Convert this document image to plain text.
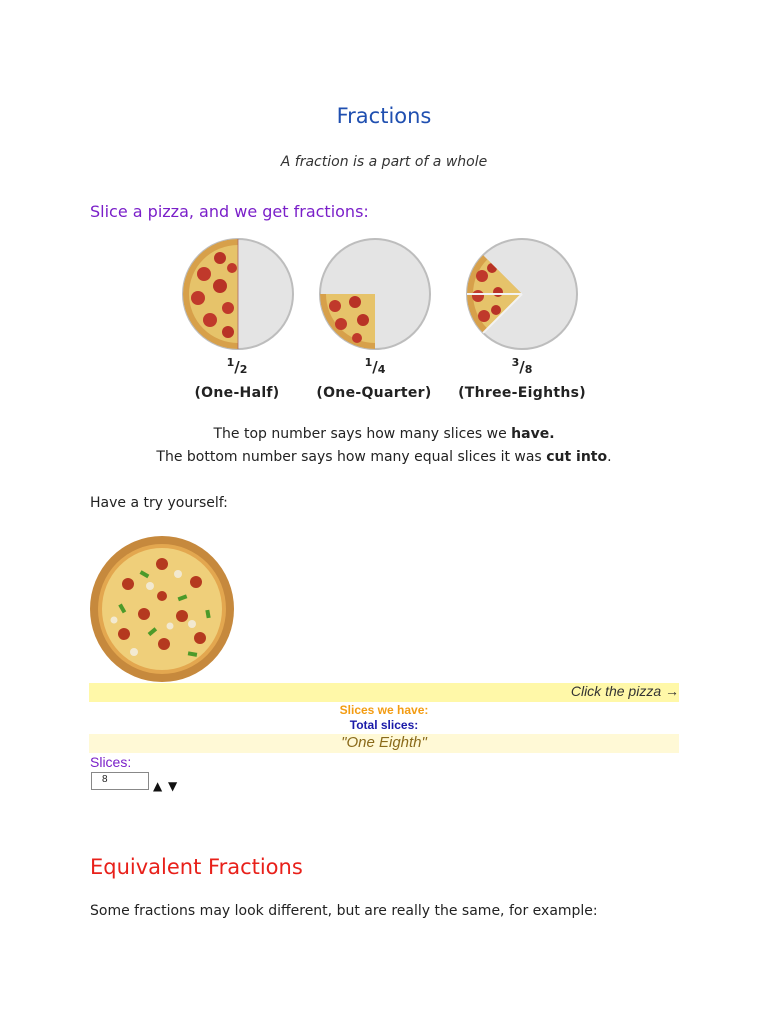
Fractions
A fraction is a part of a whole
Slice a pizza, and we get fractions:
$^1/_2$
$^1/_4$
$^3/_8$
(One-Half)	(One-Quarter)	(Three-Eighths)
The top number says how many slices we have.
The bottom number says how many equal slices it was cut into.
Have a try yourself:
Click the pizza →
Slices we have:
Total slices:
"One Eighth"
Slices:
8	▲ ▼
Equivalent Fractions
Some fractions may look different, but are really the same, for example:
